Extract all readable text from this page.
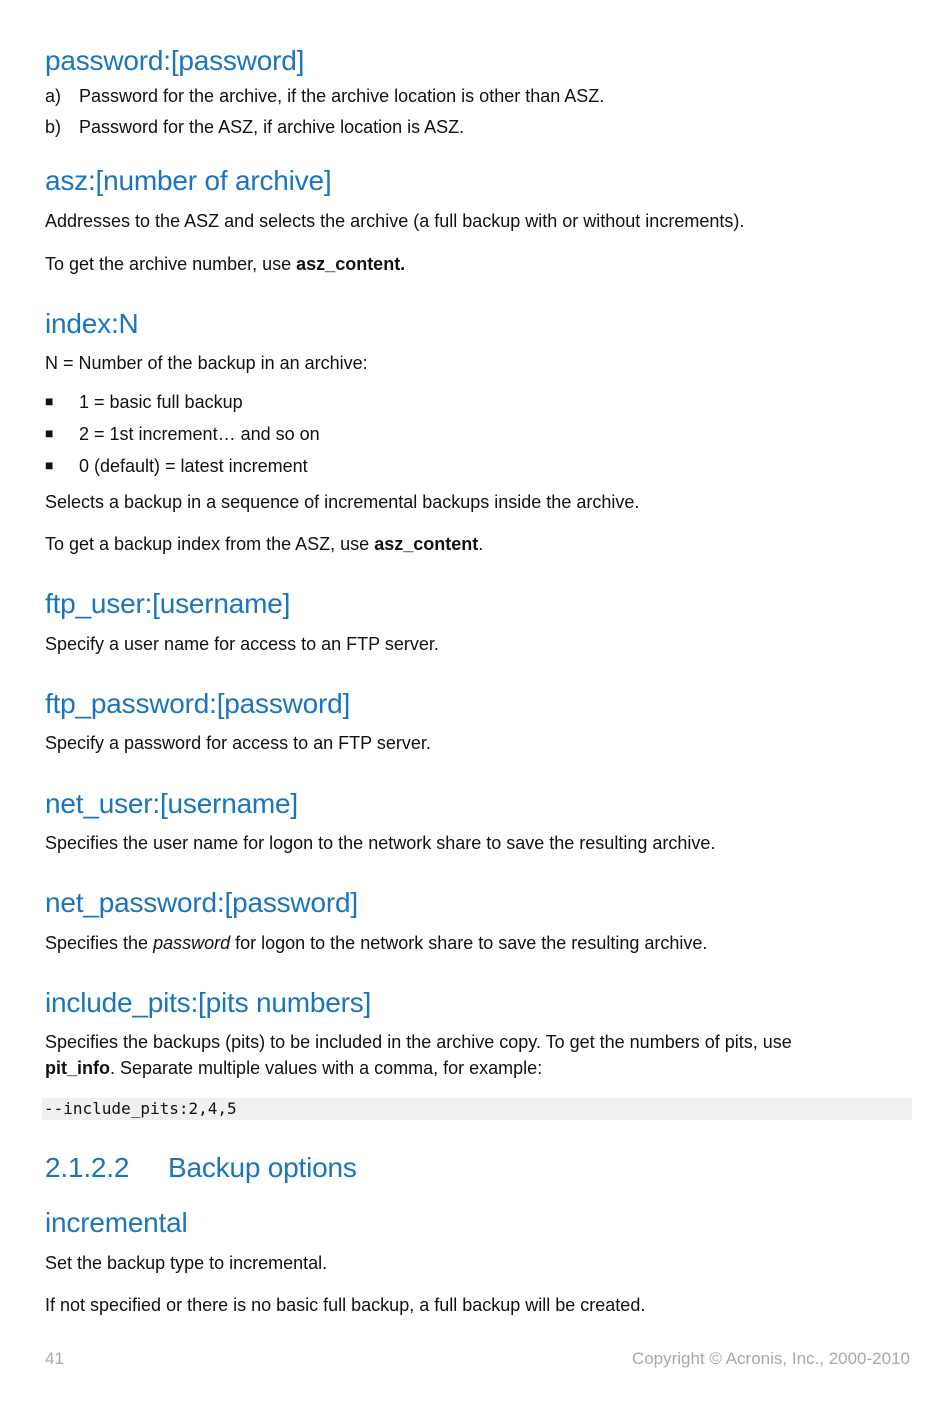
password:[password]
a) Password for the archive, if the archive location is other than ASZ.
b) Password for the ASZ, if archive location is ASZ.
asz:[number of archive]
Addresses to the ASZ and selects the archive (a full backup with or without increments).
To get the archive number, use asz_content.
index:N
N = Number of the backup in an archive:
■ 1 = basic full backup
■ 2 = 1st increment… and so on
■ 0 (default) = latest increment
Selects a backup in a sequence of incremental backups inside the archive.
To get a backup index from the ASZ, use asz_content.
ftp_user:[username]
Specify a user name for access to an FTP server.
ftp_password:[password]
Specify a password for access to an FTP server.
net_user:[username]
Specifies the user name for logon to the network share to save the resulting archive.
net_password:[password]
Specifies the password for logon to the network share to save the resulting archive.
include_pits:[pits numbers]
Specifies the backups (pits) to be included in the archive copy. To get the numbers of pits, use pit_info. Separate multiple values with a comma, for example:
--include_pits:2,4,5
2.1.2.2 Backup options
incremental
Set the backup type to incremental.
If not specified or there is no basic full backup, a full backup will be created.
41	Copyright © Acronis, Inc., 2000-2010
